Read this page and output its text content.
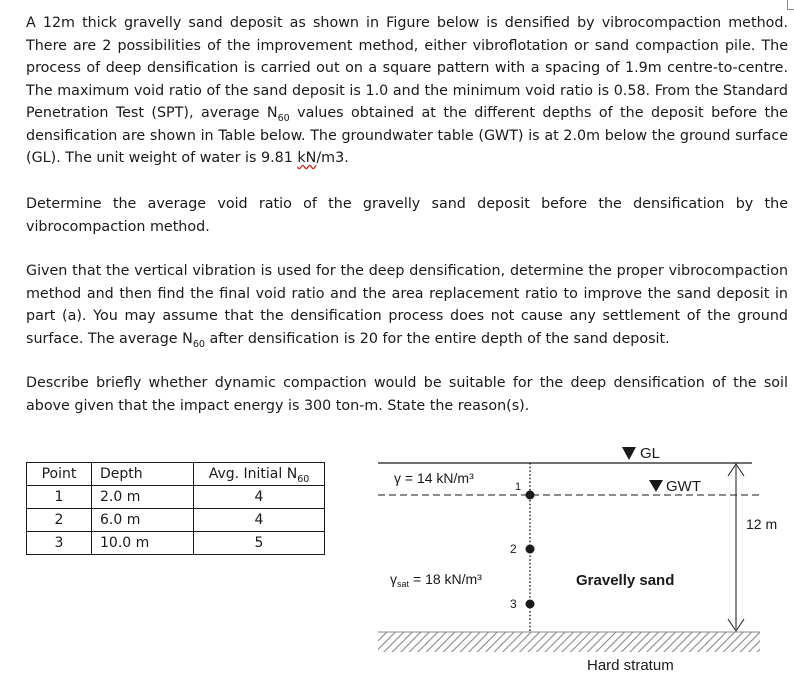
A 12m thick gravelly sand deposit as shown in Figure below is densified by vibrocompaction method. There are 2 possibilities of the improvement method, either vibroflotation or sand compaction pile. The process of deep densification is carried out on a square pattern with a spacing of 1.9m centre-to-centre. The maximum void ratio of the sand deposit is 1.0 and the minimum void ratio is 0.58. From the Standard Penetration Test (SPT), average $N_{60}$ values obtained at the different depths of the deposit before the densification are shown in Table below. The groundwater table (GWT) is at 2.0m below the ground surface (GL). The unit weight of water is 9.81 kN/m3.

Determine the average void ratio of the gravelly sand deposit before the densification by the vibrocompaction method.

Given that the vertical vibration is used for the deep densification, determine the proper vibrocompaction method and then find the final void ratio and the area replacement ratio to improve the sand deposit in part (a). You may assume that the densification process does not cause any settlement of the ground surface. The average $N_{60}$ after densification is 20 for the entire depth of the sand deposit.

Describe briefly whether dynamic compaction would be suitable for the deep densification of the soil above given that the impact energy is 300 ton-m. State the reason(s).

Point	Depth	Avg. Initial $N_{60}$
1	2.0 m	4
2	6.0 m	4
3	10.0 m	5
GL
GWT
1
2
3
γ = 14 kN/m³
$\gamma_{sat} = 18$ kN/m³	Gravelly sand
12 m
Hard stratum
